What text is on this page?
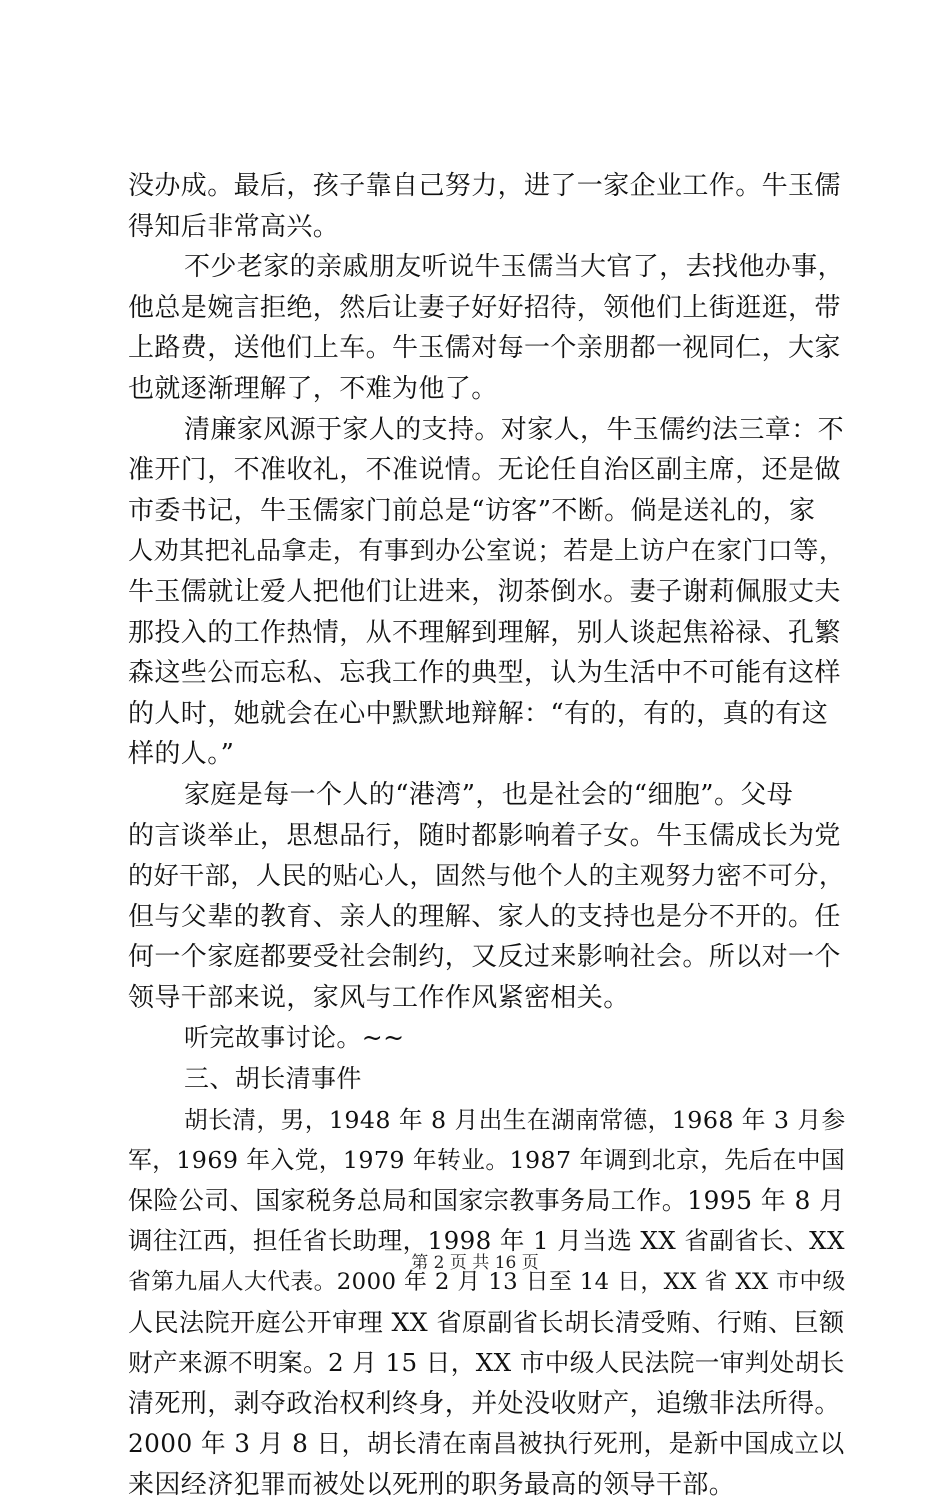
没办成。最后，孩子靠自己努力，进了一家企业工作。牛玉儒
得知后非常高兴。
不少老家的亲戚朋友听说牛玉儒当大官了，去找他办事，
他总是婉言拒绝，然后让妻子好好招待，领他们上街逛逛，带
上路费，送他们上车。牛玉儒对每一个亲朋都一视同仁，大家
也就逐渐理解了，不难为他了。
清廉家风源于家人的支持。对家人，牛玉儒约法三章：不
准开门，不准收礼，不准说情。无论任自治区副主席，还是做
市委书记，牛玉儒家门前总是“访客”不断。倘是送礼的，家
人劝其把礼品拿走，有事到办公室说；若是上访户在家门口等，
牛玉儒就让爱人把他们让进来，沏茶倒水。妻子谢莉佩服丈夫
那投入的工作热情，从不理解到理解，别人谈起焦裕禄、孔繁
森这些公而忘私、忘我工作的典型，认为生活中不可能有这样
的人时，她就会在心中默默地辩解：“有的，有的，真的有这
样的人。”
家庭是每一个人的“港湾”，也是社会的“细胞”。父母
的言谈举止，思想品行，随时都影响着子女。牛玉儒成长为党
的好干部，人民的贴心人，固然与他个人的主观努力密不可分，
但与父辈的教育、亲人的理解、家人的支持也是分不开的。任
何一个家庭都要受社会制约，又反过来影响社会。所以对一个
领导干部来说，家风与工作作风紧密相关。
听完故事讨论。~~
三、胡长清事件
胡长清，男，1948 年 8 月出生在湖南常德，1968 年 3 月参
军，1969 年入党，1979 年转业。1987 年调到北京，先后在中国
保险公司、国家税务总局和国家宗教事务局工作。1995 年 8 月
调往江西，担任省长助理，1998 年 1 月当选 XX 省副省长、XX
省第九届人大代表。2000 年 2 月 13 日至 14 日，XX 省 XX 市中级
人民法院开庭公开审理 XX 省原副省长胡长清受贿、行贿、巨额
财产来源不明案。2 月 15 日，XX 市中级人民法院一审判处胡长
清死刑，剥夺政治权利终身，并处没收财产，追缴非法所得。
2000 年 3 月 8 日，胡长清在南昌被执行死刑，是新中国成立以
来因经济犯罪而被处以死刑的职务最高的领导干部。
第 2 页 共 16 页
